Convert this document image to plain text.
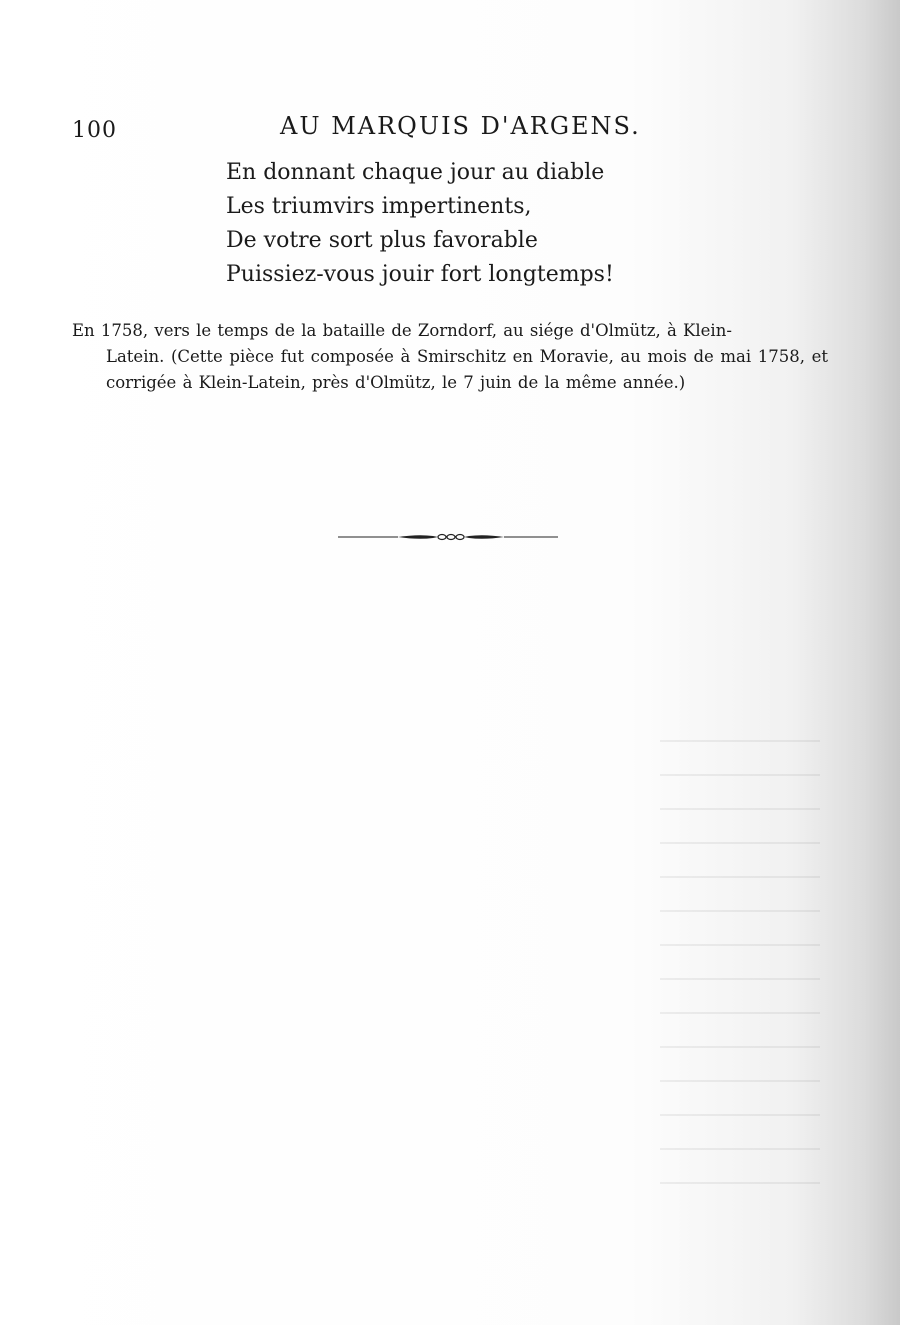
100	AU MARQUIS D'ARGENS.
En donnant chaque jour au diable
Les triumvirs impertinents,
De votre sort plus favorable
Puissiez-vous jouir fort longtemps!
En 1758, vers le temps de la bataille de Zorndorf, au siége d'Olmütz, à Klein-
Latein. (Cette pièce fut composée à Smirschitz en Moravie, au mois de mai 1758, et corrigée à Klein-Latein, près d'Olmütz, le 7 juin de la même année.)
